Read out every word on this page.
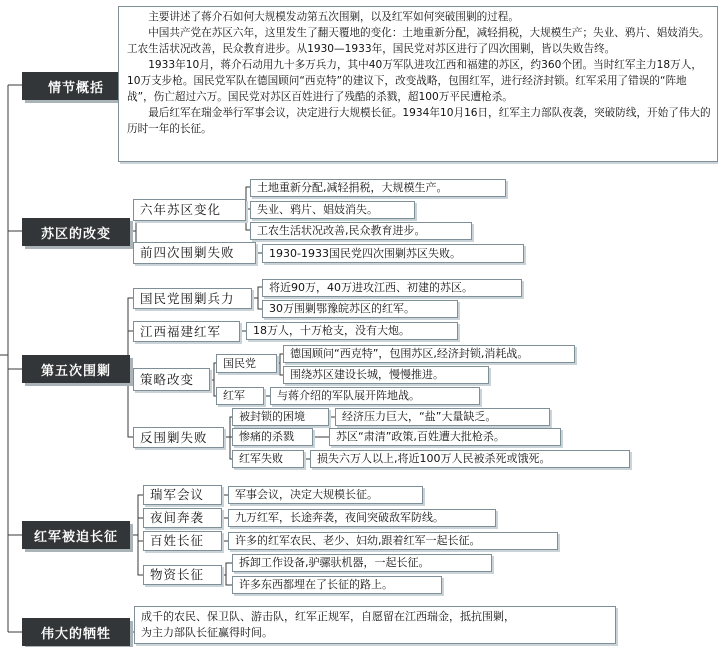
情节概括

主要讲述了蒋介石如何大规模发动第五次围剿，以及红军如何突破围剿的过程。

中国共产党在苏区六年，这里发生了翻天覆地的变化：土地重新分配，减轻捐税，大规模生产；失业、鸦片、娼妓消失。工农生活状况改善，民众教育进步。从1930—1933年，国民党对苏区进行了四次围剿，皆以失败告终。

1933年10月，蒋介石动用九十多万兵力，其中40万军队进攻江西和福建的苏区，约360个团。当时红军主力18万人，10万支步枪。国民党军队在德国顾问“西克特”的建议下，改变战略，包围红军，进行经济封锁。红军采用了错误的“阵地战”，伤亡超过六万。国民党对苏区百姓进行了残酷的杀戮，超100万平民遭枪杀。

最后红军在瑞金举行军事会议，决定进行大规模长征。1934年10月16日，红军主力部队夜袭，突破防线，开始了伟大的历时一年的长征。

苏区的改变
六年苏区变化
土地重新分配,减轻捐税，大规模生产。
失业、鸦片、娼妓消失。
工农生活状况改善,民众教育进步。
前四次围剿失败	1930-1933国民党四次围剿苏区失败。
第五次围剿
国民党围剿兵力
将近90万，40万进攻江西、初建的苏区。
30万围剿鄂豫皖苏区的红军。
江西福建红军	18万人，十万枪支，没有大炮。
策略改变
国民党
德国顾问“西克特”，包围苏区,经济封锁,消耗战。
围绕苏区建设长城，慢慢推进。
红军	与蒋介绍的军队展开阵地战。
反围剿失败
被封锁的困境	经济压力巨大，“盐”大量缺乏。
惨痛的杀戮	苏区“肃清”政策,百姓遭大批枪杀。
红军失败	损失六万人以上,将近100万人民被杀死或饿死。
红军被迫长征
瑞军会议	军事会议，决定大规模长征。
夜间奔袭	九万红军，长途奔袭，夜间突破敌军防线。
百姓长征	许多的红军农民、老少、妇幼,跟着红军一起长征。
物资长征
拆卸工作设备,驴骡驮机器，一起长征。
许多东西都埋在了长征的路上。
伟大的牺牲
成千的农民、保卫队、游击队，红军正规军，自愿留在江西瑞金，抵抗围剿，
为主力部队长征赢得时间。
